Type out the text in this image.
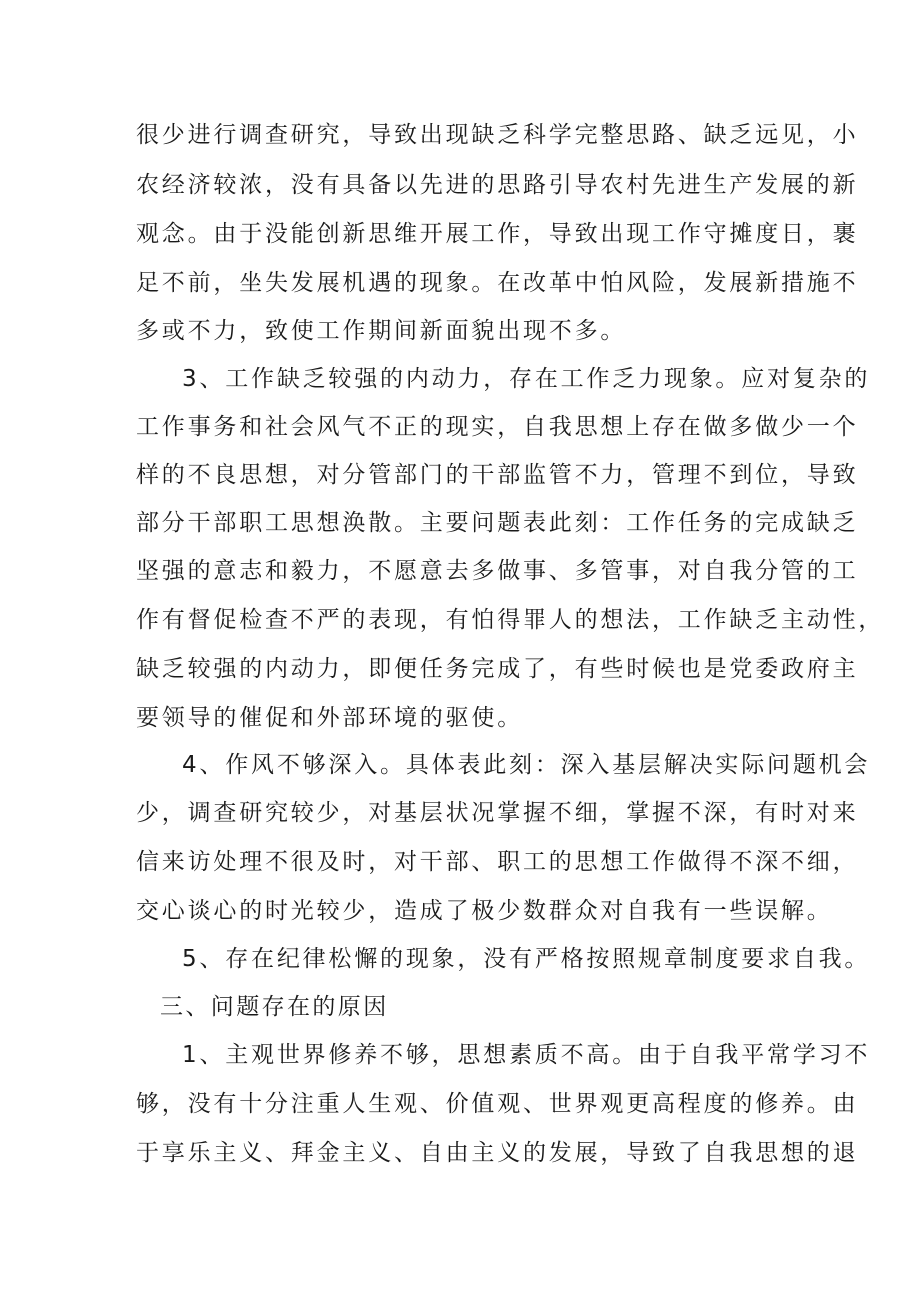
很少进行调查研究，导致出现缺乏科学完整思路、缺乏远见，小
农经济较浓，没有具备以先进的思路引导农村先进生产发展的新
观念。由于没能创新思维开展工作，导致出现工作守摊度日，裹
足不前，坐失发展机遇的现象。在改革中怕风险，发展新措施不
多或不力，致使工作期间新面貌出现不多。
3、工作缺乏较强的内动力，存在工作乏力现象。应对复杂的
工作事务和社会风气不正的现实，自我思想上存在做多做少一个
样的不良思想，对分管部门的干部监管不力，管理不到位，导致
部分干部职工思想涣散。主要问题表此刻：工作任务的完成缺乏
坚强的意志和毅力，不愿意去多做事、多管事，对自我分管的工
作有督促检查不严的表现，有怕得罪人的想法，工作缺乏主动性，
缺乏较强的内动力，即便任务完成了，有些时候也是党委政府主
要领导的催促和外部环境的驱使。
4、作风不够深入。具体表此刻：深入基层解决实际问题机会
少，调查研究较少，对基层状况掌握不细，掌握不深，有时对来
信来访处理不很及时，对干部、职工的思想工作做得不深不细，
交心谈心的时光较少，造成了极少数群众对自我有一些误解。
5、存在纪律松懈的现象，没有严格按照规章制度要求自我。
三、问题存在的原因
1、主观世界修养不够，思想素质不高。由于自我平常学习不
够，没有十分注重人生观、价值观、世界观更高程度的修养。由
于享乐主义、拜金主义、自由主义的发展，导致了自我思想的退
